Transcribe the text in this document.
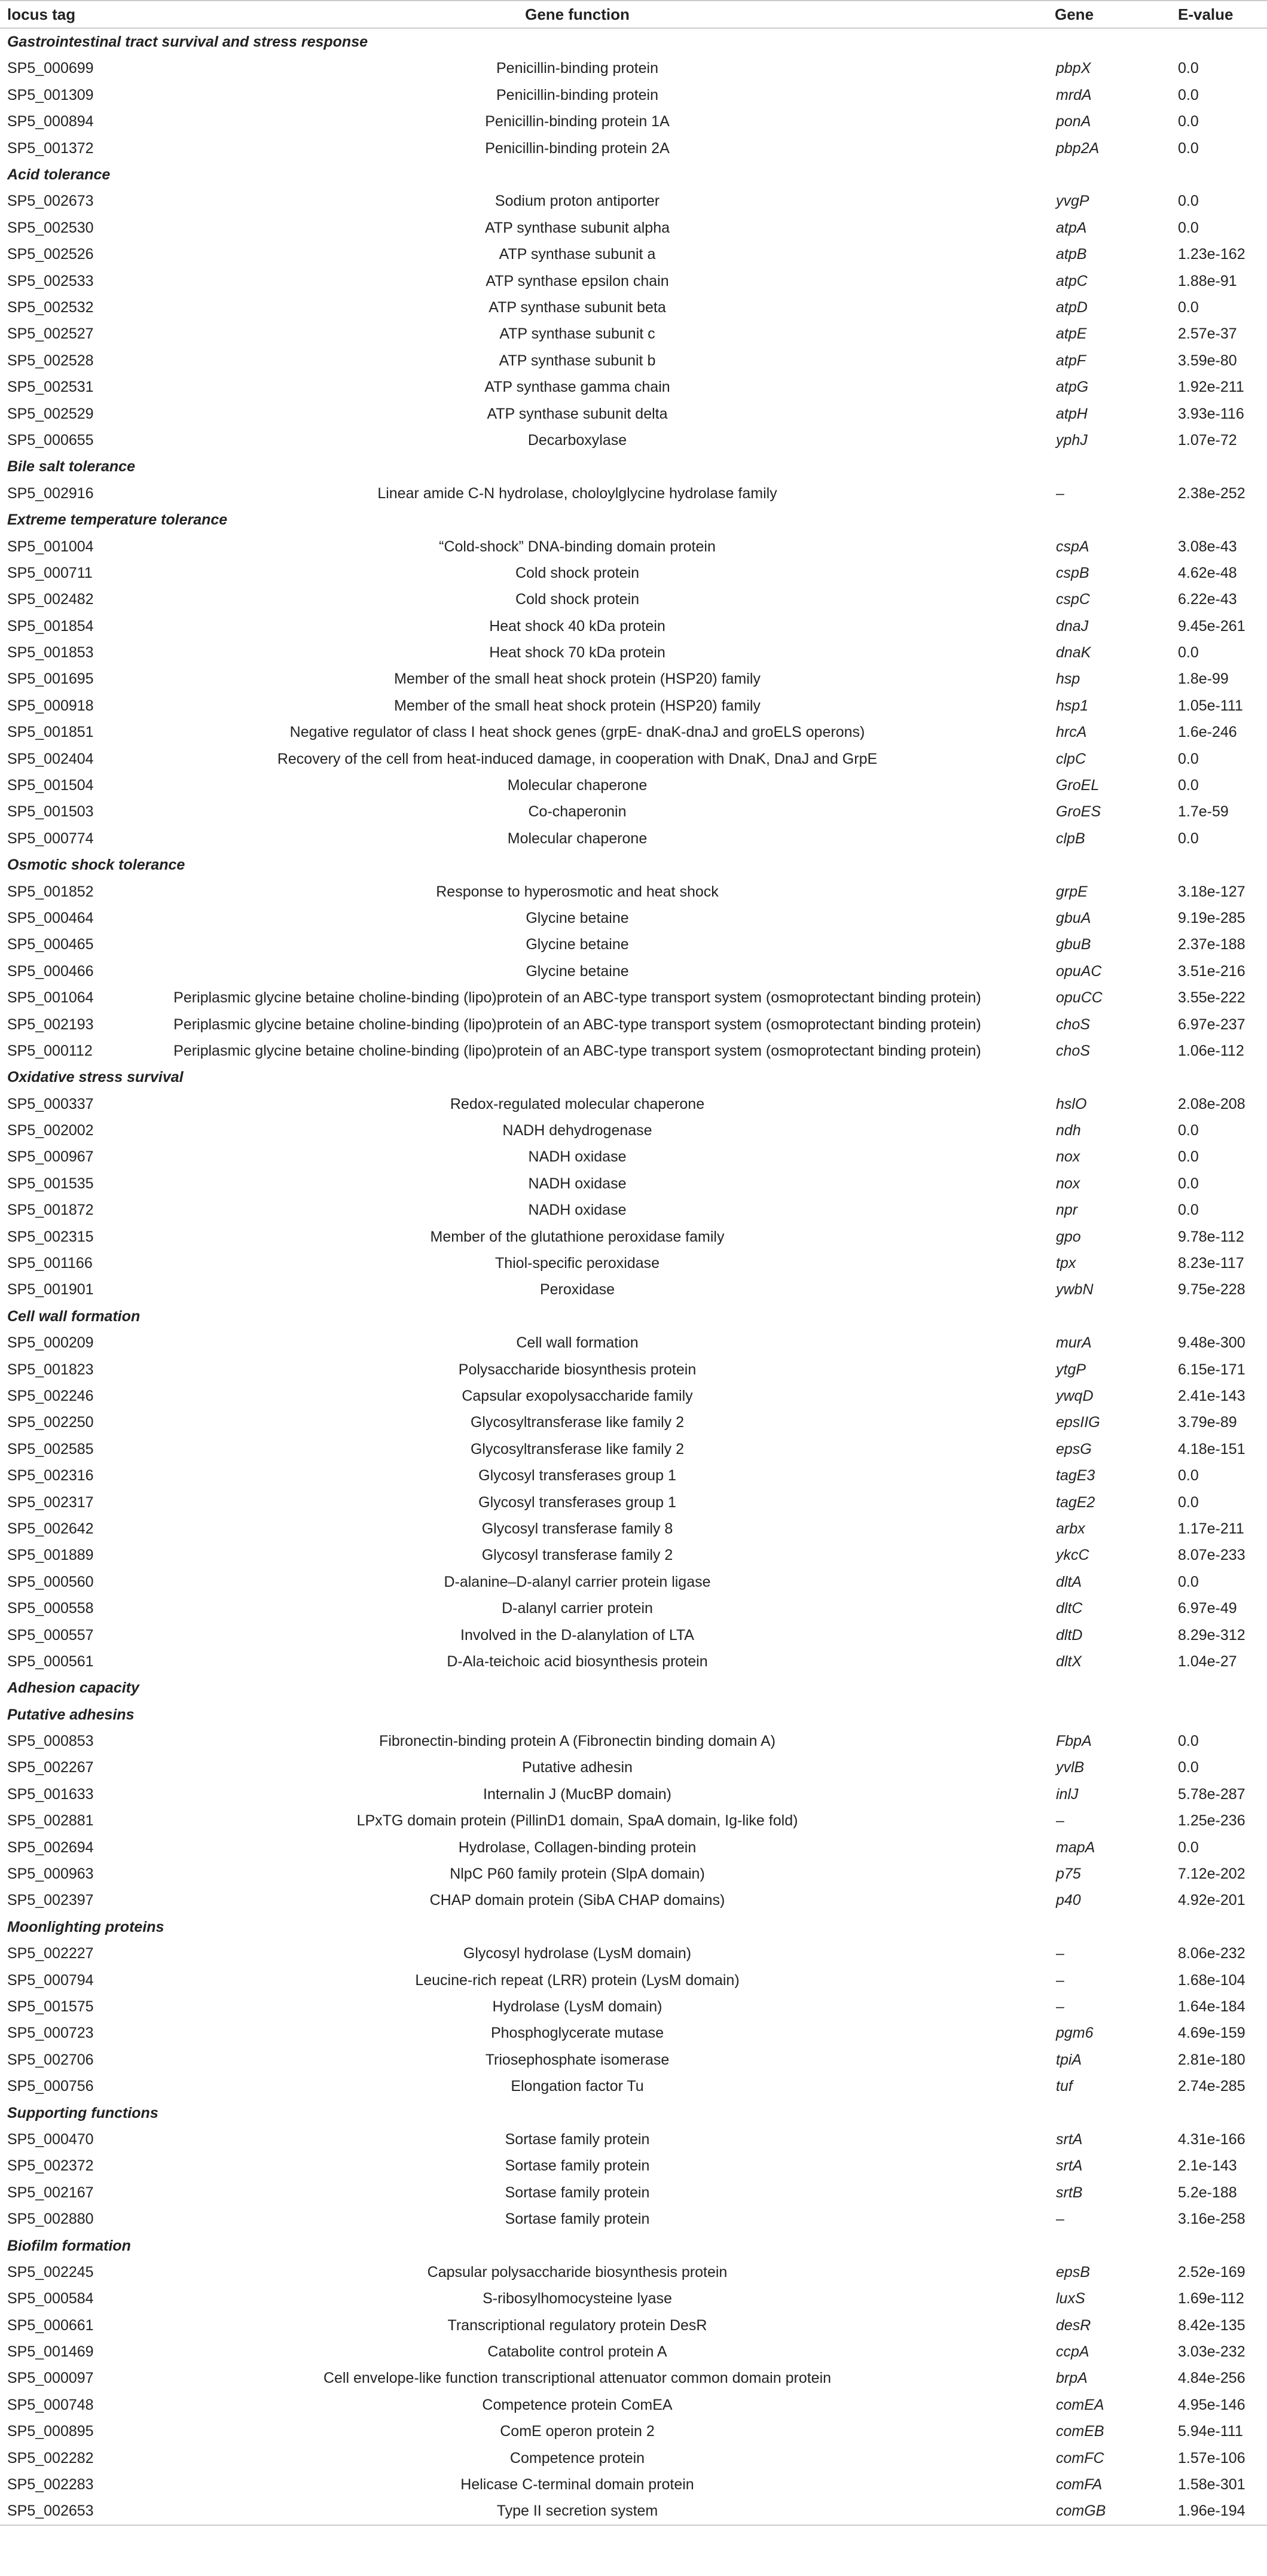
locus tag	Gene function	Gene	E-value
Gastrointestinal tract survival and stress response			
SP5_000699	Penicillin-binding protein	pbpX	0.0
SP5_001309	Penicillin-binding protein	mrdA	0.0
SP5_000894	Penicillin-binding protein 1A	ponA	0.0
SP5_001372	Penicillin-binding protein 2A	pbp2A	0.0
Acid tolerance			
SP5_002673	Sodium proton antiporter	yvgP	0.0
SP5_002530	ATP synthase subunit alpha	atpA	0.0
SP5_002526	ATP synthase subunit a	atpB	1.23e-162
SP5_002533	ATP synthase epsilon chain	atpC	1.88e-91
SP5_002532	ATP synthase subunit beta	atpD	0.0
SP5_002527	ATP synthase subunit c	atpE	2.57e-37
SP5_002528	ATP synthase subunit b	atpF	3.59e-80
SP5_002531	ATP synthase gamma chain	atpG	1.92e-211
SP5_002529	ATP synthase subunit delta	atpH	3.93e-116
SP5_000655	Decarboxylase	yphJ	1.07e-72
Bile salt tolerance			
SP5_002916	Linear amide C-N hydrolase, choloylglycine hydrolase family	–	2.38e-252
Extreme temperature tolerance			
SP5_001004	“Cold-shock” DNA-binding domain protein	cspA	3.08e-43
SP5_000711	Cold shock protein	cspB	4.62e-48
SP5_002482	Cold shock protein	cspC	6.22e-43
SP5_001854	Heat shock 40 kDa protein	dnaJ	9.45e-261
SP5_001853	Heat shock 70 kDa protein	dnaK	0.0
SP5_001695	Member of the small heat shock protein (HSP20) family	hsp	1.8e-99
SP5_000918	Member of the small heat shock protein (HSP20) family	hsp1	1.05e-111
SP5_001851	Negative regulator of class I heat shock genes (grpE- dnaK-dnaJ and groELS operons)	hrcA	1.6e-246
SP5_002404	Recovery of the cell from heat-induced damage, in cooperation with DnaK, DnaJ and GrpE	clpC	0.0
SP5_001504	Molecular chaperone	GroEL	0.0
SP5_001503	Co-chaperonin	GroES	1.7e-59
SP5_000774	Molecular chaperone	clpB	0.0
Osmotic shock tolerance			
SP5_001852	Response to hyperosmotic and heat shock	grpE	3.18e-127
SP5_000464	Glycine betaine	gbuA	9.19e-285
SP5_000465	Glycine betaine	gbuB	2.37e-188
SP5_000466	Glycine betaine	opuAC	3.51e-216
SP5_001064	Periplasmic glycine betaine choline-binding (lipo)protein of an ABC-type transport system (osmoprotectant binding protein)	opuCC	3.55e-222
SP5_002193	Periplasmic glycine betaine choline-binding (lipo)protein of an ABC-type transport system (osmoprotectant binding protein)	choS	6.97e-237
SP5_000112	Periplasmic glycine betaine choline-binding (lipo)protein of an ABC-type transport system (osmoprotectant binding protein)	choS	1.06e-112
Oxidative stress survival			
SP5_000337	Redox-regulated molecular chaperone	hslO	2.08e-208
SP5_002002	NADH dehydrogenase	ndh	0.0
SP5_000967	NADH oxidase	nox	0.0
SP5_001535	NADH oxidase	nox	0.0
SP5_001872	NADH oxidase	npr	0.0
SP5_002315	Member of the glutathione peroxidase family	gpo	9.78e-112
SP5_001166	Thiol-specific peroxidase	tpx	8.23e-117
SP5_001901	Peroxidase	ywbN	9.75e-228
Cell wall formation			
SP5_000209	Cell wall formation	murA	9.48e-300
SP5_001823	Polysaccharide biosynthesis protein	ytgP	6.15e-171
SP5_002246	Capsular exopolysaccharide family	ywqD	2.41e-143
SP5_002250	Glycosyltransferase like family 2	epsIIG	3.79e-89
SP5_002585	Glycosyltransferase like family 2	epsG	4.18e-151
SP5_002316	Glycosyl transferases group 1	tagE3	0.0
SP5_002317	Glycosyl transferases group 1	tagE2	0.0
SP5_002642	Glycosyl transferase family 8	arbx	1.17e-211
SP5_001889	Glycosyl transferase family 2	ykcC	8.07e-233
SP5_000560	D-alanine–D-alanyl carrier protein ligase	dltA	0.0
SP5_000558	D-alanyl carrier protein	dltC	6.97e-49
SP5_000557	Involved in the D-alanylation of LTA	dltD	8.29e-312
SP5_000561	D-Ala-teichoic acid biosynthesis protein	dltX	1.04e-27
Adhesion capacity			
Putative adhesins			
SP5_000853	Fibronectin-binding protein A (Fibronectin binding domain A)	FbpA	0.0
SP5_002267	Putative adhesin	yvlB	0.0
SP5_001633	Internalin J (MucBP domain)	inlJ	5.78e-287
SP5_002881	LPxTG domain protein (PillinD1 domain, SpaA domain, Ig-like fold)	–	1.25e-236
SP5_002694	Hydrolase, Collagen-binding protein	mapA	0.0
SP5_000963	NlpC P60 family protein (SlpA domain)	p75	7.12e-202
SP5_002397	CHAP domain protein (SibA CHAP domains)	p40	4.92e-201
Moonlighting proteins			
SP5_002227	Glycosyl hydrolase (LysM domain)	–	8.06e-232
SP5_000794	Leucine-rich repeat (LRR) protein (LysM domain)	–	1.68e-104
SP5_001575	Hydrolase (LysM domain)	–	1.64e-184
SP5_000723	Phosphoglycerate mutase	pgm6	4.69e-159
SP5_002706	Triosephosphate isomerase	tpiA	2.81e-180
SP5_000756	Elongation factor Tu	tuf	2.74e-285
Supporting functions			
SP5_000470	Sortase family protein	srtA	4.31e-166
SP5_002372	Sortase family protein	srtA	2.1e-143
SP5_002167	Sortase family protein	srtB	5.2e-188
SP5_002880	Sortase family protein	–	3.16e-258
Biofilm formation			
SP5_002245	Capsular polysaccharide biosynthesis protein	epsB	2.52e-169
SP5_000584	S-ribosylhomocysteine lyase	luxS	1.69e-112
SP5_000661	Transcriptional regulatory protein DesR	desR	8.42e-135
SP5_001469	Catabolite control protein A	ccpA	3.03e-232
SP5_000097	Cell envelope-like function transcriptional attenuator common domain protein	brpA	4.84e-256
SP5_000748	Competence protein ComEA	comEA	4.95e-146
SP5_000895	ComE operon protein 2	comEB	5.94e-111
SP5_002282	Competence protein	comFC	1.57e-106
SP5_002283	Helicase C-terminal domain protein	comFA	1.58e-301
SP5_002653	Type II secretion system	comGB	1.96e-194
